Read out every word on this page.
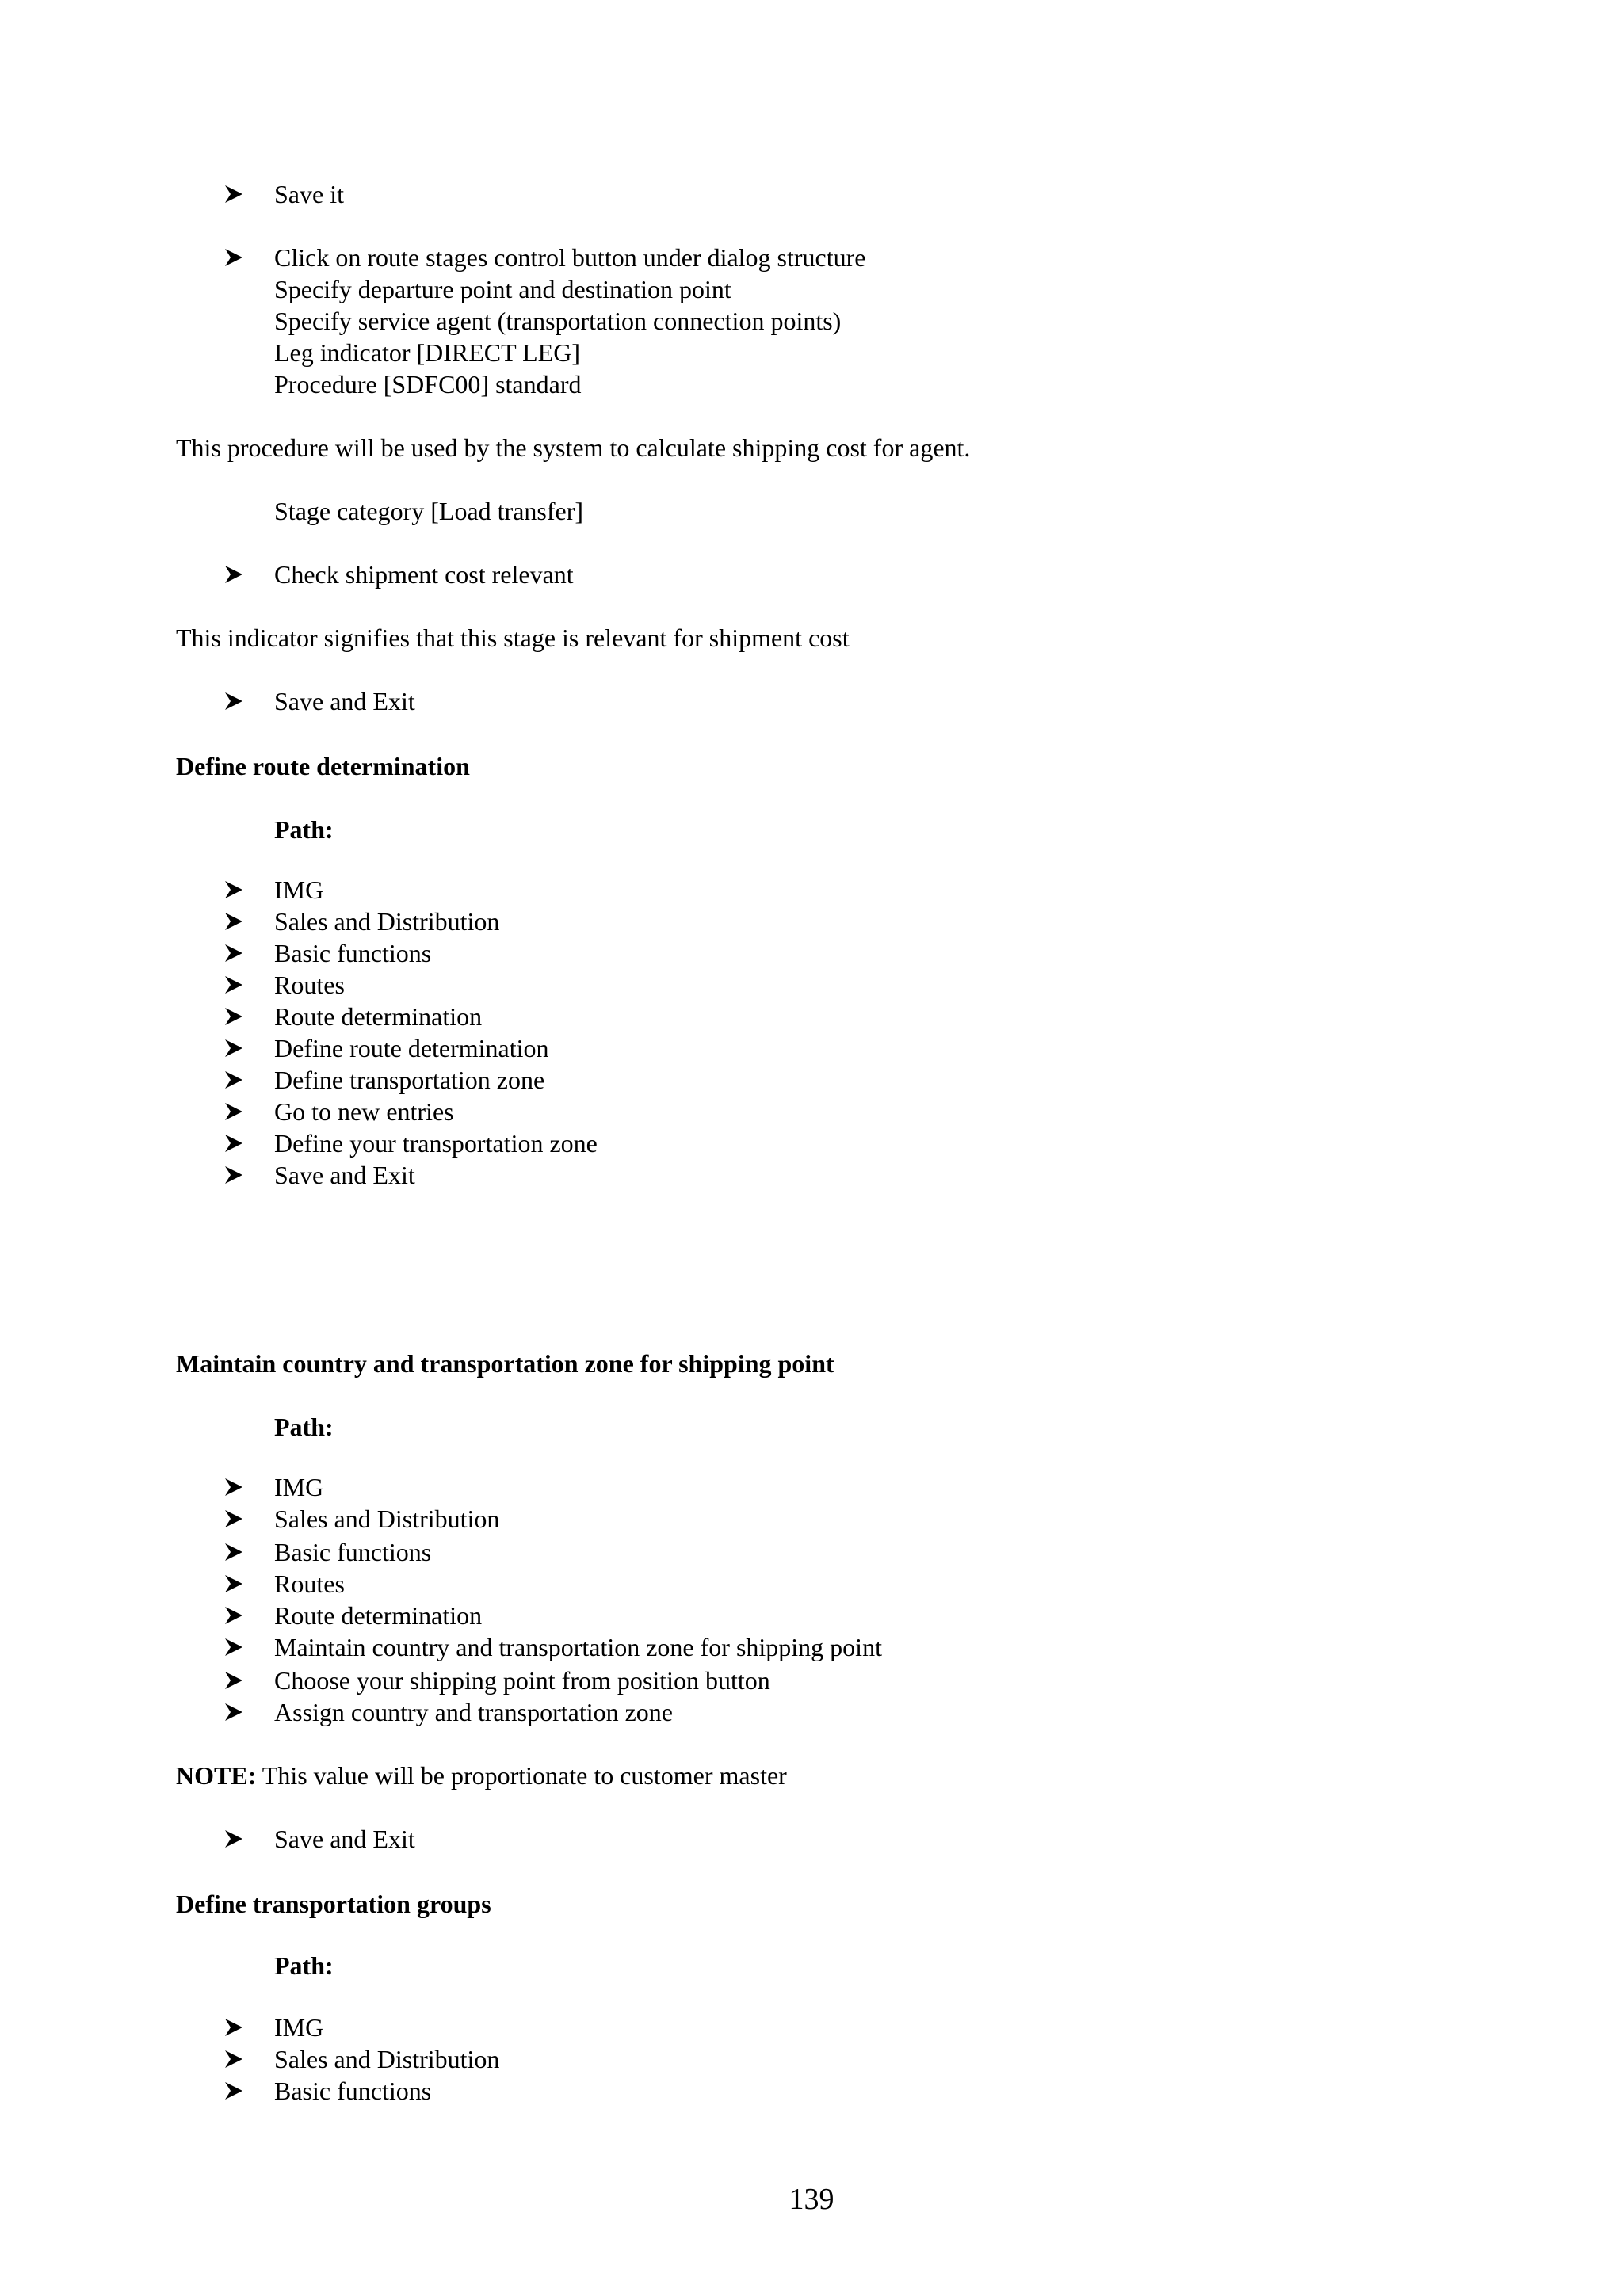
Save it
Click on route stages control button under dialog structure
Specify departure point and destination point
Specify service agent (transportation connection points)
Leg indicator [DIRECT LEG]
Procedure [SDFC00] standard
This procedure will be used by the system to calculate shipping cost for agent.
Stage category [Load transfer]
Check shipment cost relevant
This indicator signifies that this stage is relevant for shipment cost
Save and Exit
Define route determination
Path:
IMG
Sales and Distribution
Basic functions
Routes
Route determination
Define route determination
Define transportation zone
Go to new entries
Define your transportation zone
Save and Exit
Maintain country and transportation zone for shipping point
Path:
IMG
Sales and Distribution
Basic functions
Routes
Route determination
Maintain country and transportation zone for shipping point
Choose your shipping point from position button
Assign country and transportation zone
NOTE: This value will be proportionate to customer master
Save and Exit
Define transportation groups
Path:
IMG
Sales and Distribution
Basic functions
139
